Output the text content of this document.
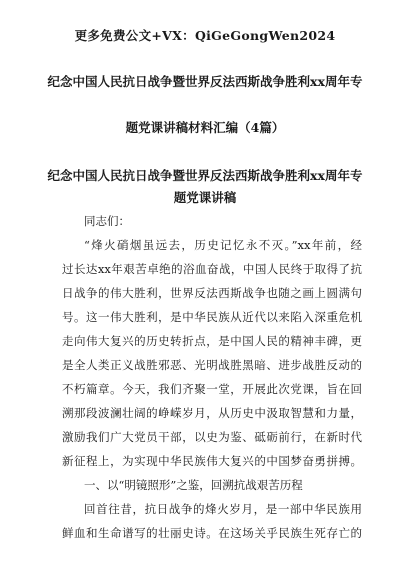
更多免费公文+VX：QiGeGongWen2024
纪念中国人民抗日战争暨世界反法西斯战争胜利xx周年专
题党课讲稿材料汇编（4篇）
纪念中国人民抗日战争暨世界反法西斯战争胜利xx周年专
题党课讲稿
同志们：
“烽火硝烟虽远去，历史记忆永不灭。”xx年前，经
过长达xx年艰苦卓绝的浴血奋战，中国人民终于取得了抗
日战争的伟大胜利，世界反法西斯战争也随之画上圆满句
号。这一伟大胜利，是中华民族从近代以来陷入深重危机
走向伟大复兴的历史转折点，是中国人民的精神丰碑，更
是全人类正义战胜邪恶、光明战胜黑暗、进步战胜反动的
不朽篇章。今天，我们齐聚一堂，开展此次党课，旨在回
溯那段波澜壮阔的峥嵘岁月，从历史中汲取智慧和力量，
激励我们广大党员干部，以史为鉴、砥砺前行，在新时代
新征程上，为实现中华民族伟大复兴的中国梦奋勇拼搏。
一、以“明镜照形”之鉴，回溯抗战艰苦历程
回首往昔，抗日战争的烽火岁月，是一部中华民族用
鲜血和生命谱写的壮丽史诗。在这场关乎民族生死存亡的
